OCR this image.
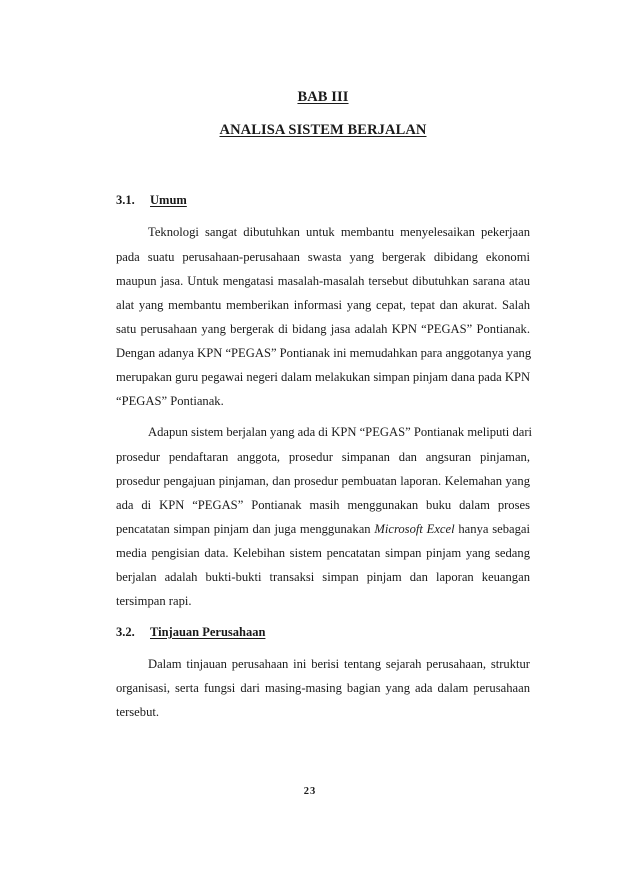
BAB III
ANALISA SISTEM BERJALAN
3.1. Umum
Teknologi sangat dibutuhkan untuk membantu menyelesaikan pekerjaan
pada suatu perusahaan-perusahaan swasta yang bergerak dibidang ekonomi
maupun jasa. Untuk mengatasi masalah-masalah tersebut dibutuhkan sarana atau
alat yang membantu memberikan informasi yang cepat, tepat dan akurat. Salah
satu perusahaan yang bergerak di bidang jasa adalah KPN “PEGAS” Pontianak.
Dengan adanya KPN “PEGAS” Pontianak ini memudahkan para anggotanya yang
merupakan guru pegawai negeri dalam melakukan simpan pinjam dana pada KPN
“PEGAS” Pontianak.
Adapun sistem berjalan yang ada di KPN “PEGAS” Pontianak meliputi dari
prosedur pendaftaran anggota, prosedur simpanan dan angsuran pinjaman,
prosedur pengajuan pinjaman, dan prosedur pembuatan laporan. Kelemahan yang
ada di KPN “PEGAS” Pontianak masih menggunakan buku dalam proses
pencatatan simpan pinjam dan juga menggunakan Microsoft Excel hanya sebagai
media pengisian data. Kelebihan sistem pencatatan simpan pinjam yang sedang
berjalan adalah bukti-bukti transaksi simpan pinjam dan laporan keuangan
tersimpan rapi.
3.2. Tinjauan Perusahaan
Dalam tinjauan perusahaan ini berisi tentang sejarah perusahaan, struktur
organisasi, serta fungsi dari masing-masing bagian yang ada dalam perusahaan
tersebut.
23
